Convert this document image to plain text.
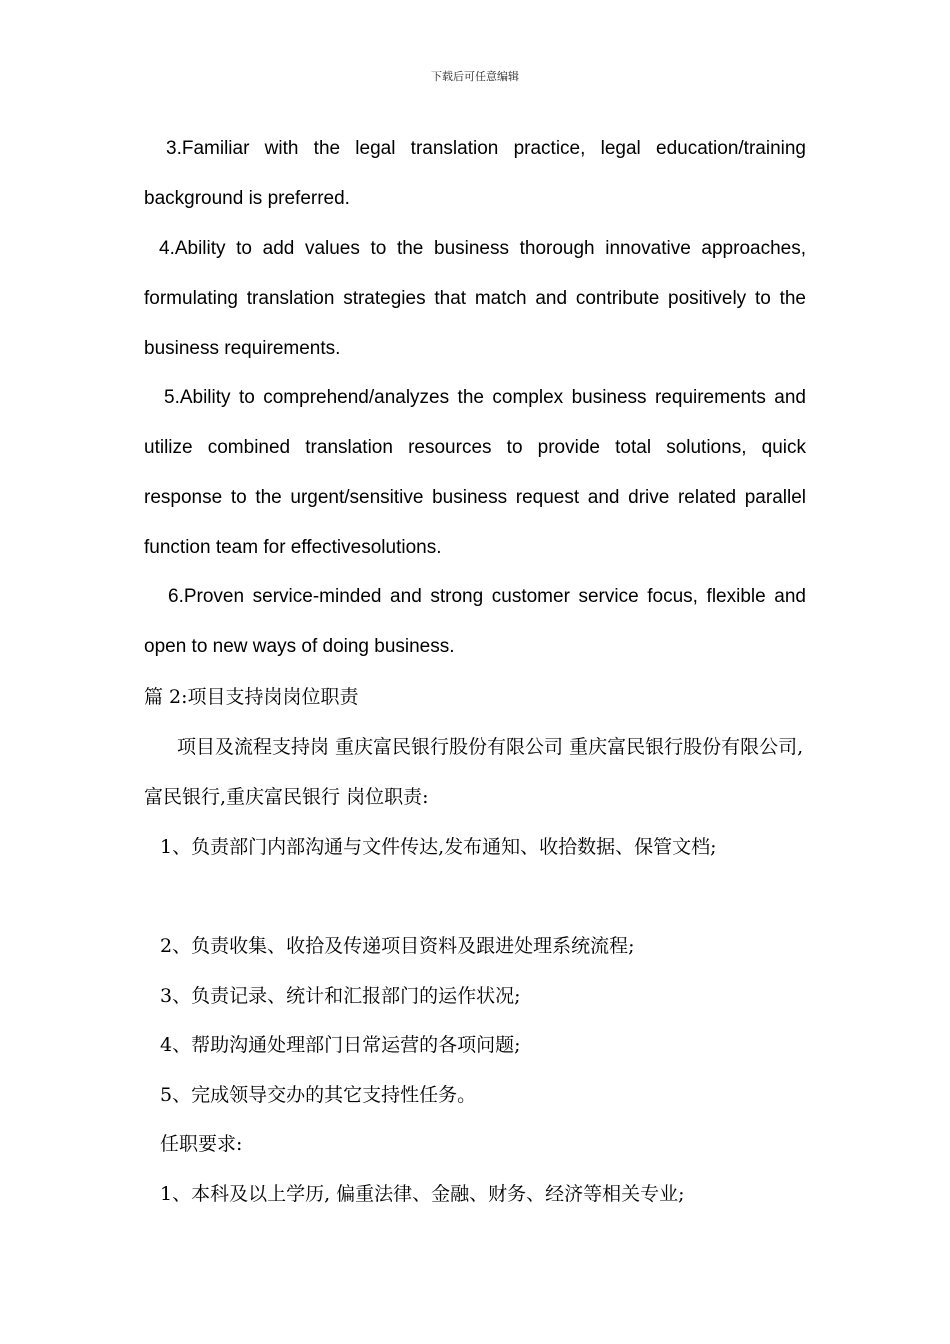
下载后可任意编辑

3.Familiar with the legal translation practice, legal education/training background is preferred.

4.Ability to add values to the business thorough innovative approaches, formulating translation strategies that match and contribute positively to the business requirements.

5.Ability to comprehend/analyzes the complex business requirements and utilize combined translation resources to provide total solutions, quick response to the urgent/sensitive business request and drive related parallel function team for effectivesolutions.

6.Proven service-minded and strong customer service focus, flexible and open to new ways of doing business.

篇 2:项目支持岗岗位职责

项目及流程支持岗 重庆富民银行股份有限公司 重庆富民银行股份有限公司,富民银行,重庆富民银行 岗位职责:

1、负责部门内部沟通与文件传达,发布通知、收拾数据、保管文档;

2、负责收集、收拾及传递项目资料及跟进处理系统流程;

3、负责记录、统计和汇报部门的运作状况;

4、帮助沟通处理部门日常运营的各项问题;

5、完成领导交办的其它支持性任务。

任职要求:

1、本科及以上学历, 偏重法律、金融、财务、经济等相关专业;
